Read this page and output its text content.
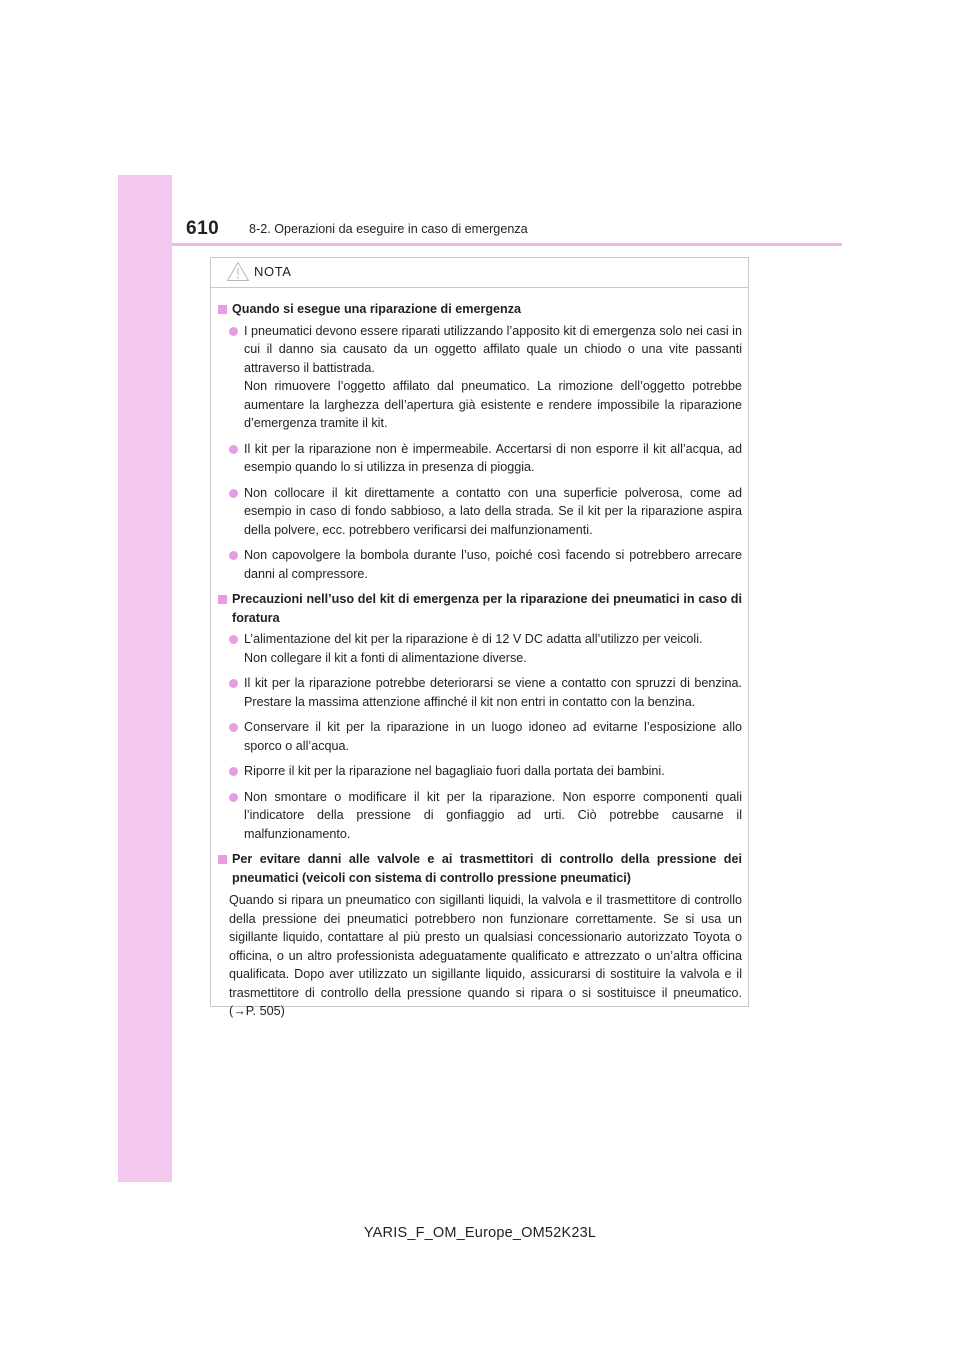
610 8-2. Operazioni da eseguire in caso di emergenza
NOTA
Quando si esegue una riparazione di emergenza

I pneumatici devono essere riparati utilizzando l’apposito kit di emergenza solo nei casi in cui il danno sia causato da un oggetto affilato quale un chiodo o una vite passanti attraverso il battistrada.

Non rimuovere l’oggetto affilato dal pneumatico. La rimozione dell’oggetto potrebbe aumentare la larghezza dell’apertura già esistente e rendere impossibile la riparazione d’emergenza tramite il kit.

Il kit per la riparazione non è impermeabile. Accertarsi di non esporre il kit all’acqua, ad esempio quando lo si utilizza in presenza di pioggia.

Non collocare il kit direttamente a contatto con una superficie polverosa, come ad esempio in caso di fondo sabbioso, a lato della strada. Se il kit per la riparazione aspira della polvere, ecc. potrebbero verificarsi dei malfunzionamenti.

Non capovolgere la bombola durante l’uso, poiché così facendo si potrebbero arrecare danni al compressore.

Precauzioni nell’uso del kit di emergenza per la riparazione dei pneumatici in caso di foratura

L’alimentazione del kit per la riparazione è di 12 V DC adatta all’utilizzo per veicoli.

Non collegare il kit a fonti di alimentazione diverse.

Il kit per la riparazione potrebbe deteriorarsi se viene a contatto con spruzzi di benzina. Prestare la massima attenzione affinché il kit non entri in contatto con la benzina.

Conservare il kit per la riparazione in un luogo idoneo ad evitarne l’esposizione allo sporco o all’acqua.

Riporre il kit per la riparazione nel bagagliaio fuori dalla portata dei bambini.

Non smontare o modificare il kit per la riparazione. Non esporre componenti quali l’indicatore della pressione di gonfiaggio ad urti. Ciò potrebbe causarne il malfunzionamento.

Per evitare danni alle valvole e ai trasmettitori di controllo della pressione dei pneumatici (veicoli con sistema di controllo pressione pneumatici)

Quando si ripara un pneumatico con sigillanti liquidi, la valvola e il trasmettitore di controllo della pressione dei pneumatici potrebbero non funzionare correttamente. Se si usa un sigillante liquido, contattare al più presto un qualsiasi concessionario autorizzato Toyota o officina, o un altro professionista adeguatamente qualificato e attrezzato o un’altra officina qualificata. Dopo aver utilizzato un sigillante liquido, assicurarsi di sostituire la valvola e il trasmettitore di controllo della pressione quando si ripara o si sostituisce il pneumatico. (→P. 505)

YARIS_F_OM_Europe_OM52K23L
